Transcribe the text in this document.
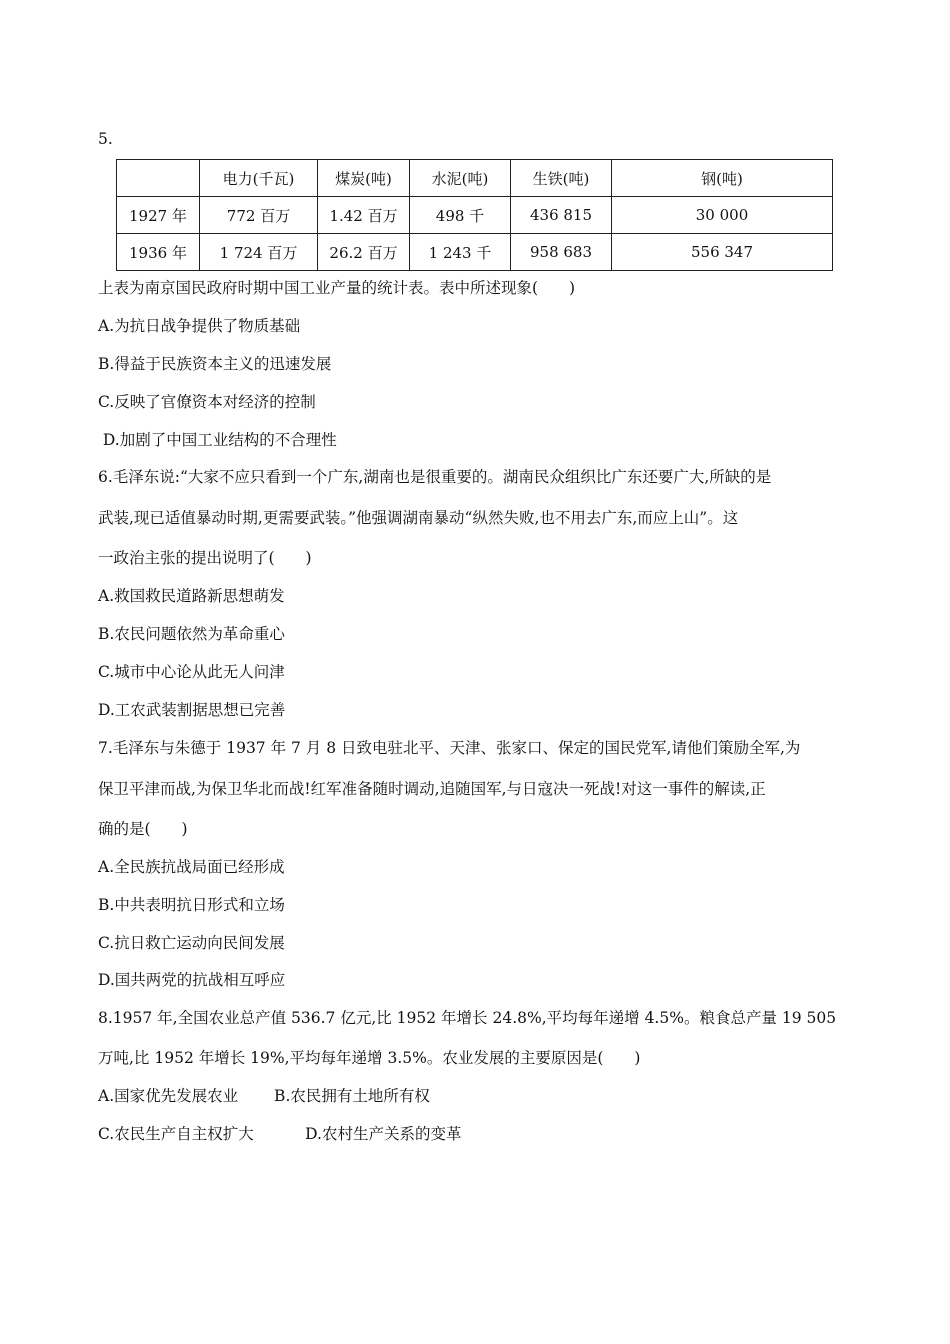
5.
	电力(千瓦)	煤炭(吨)	水泥(吨)	生铁(吨)	钢(吨)
1927 年	772 百万	1.42 百万	498 千	436 815	30 000
1936 年	1 724 百万	26.2 百万	1 243 千	958 683	556 347
上表为南京国民政府时期中国工业产量的统计表。表中所述现象(　　)
A.为抗日战争提供了物质基础
B.得益于民族资本主义的迅速发展
C.反映了官僚资本对经济的控制
D.加剧了中国工业结构的不合理性
6.毛泽东说:“大家不应只看到一个广东,湖南也是很重要的。湖南民众组织比广东还要广大,所缺的是
武装,现已适值暴动时期,更需要武装。”他强调湖南暴动“纵然失败,也不用去广东,而应上山”。这
一政治主张的提出说明了(　　)
A.救国救民道路新思想萌发
B.农民问题依然为革命重心
C.城市中心论从此无人问津
D.工农武装割据思想已完善
7.毛泽东与朱德于 1937 年 7 月 8 日致电驻北平、天津、张家口、保定的国民党军,请他们策励全军,为
保卫平津而战,为保卫华北而战!红军准备随时调动,追随国军,与日寇决一死战!对这一事件的解读,正
确的是(　　)
A.全民族抗战局面已经形成
B.中共表明抗日形式和立场
C.抗日救亡运动向民间发展
D.国共两党的抗战相互呼应
8.1957 年,全国农业总产值 536.7 亿元,比 1952 年增长 24.8%,平均每年递增 4.5%。粮食总产量 19 505
万吨,比 1952 年增长 19%,平均每年递增 3.5%。农业发展的主要原因是(　　)
A.国家优先发展农业　　 B.农民拥有土地所有权
C.农民生产自主权扩大　　　 D.农村生产关系的变革
